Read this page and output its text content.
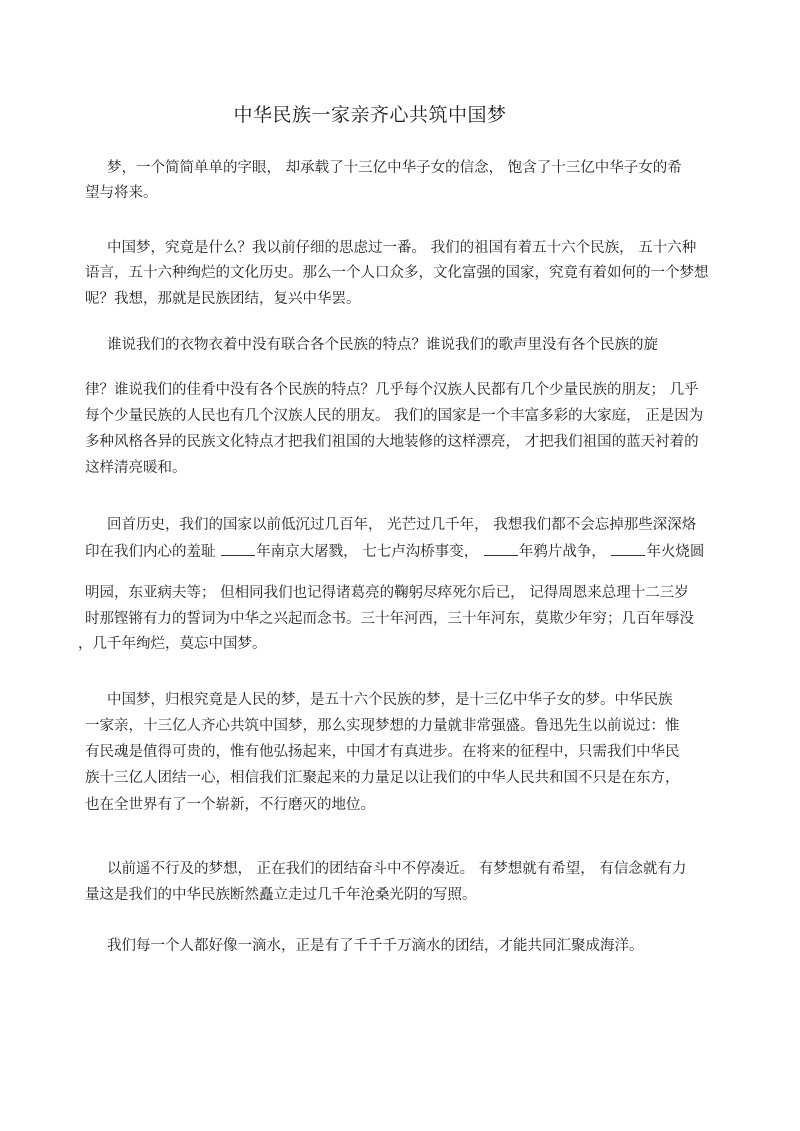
中华民族一家亲齐心共筑中国梦
梦，一个简简单单的字眼， 却承载了十三亿中华子女的信念， 饱含了十三亿中华子女的希
望与将来。
中国梦，究竟是什么？我以前仔细的思虑过一番。 我们的祖国有着五十六个民族， 五十六种
语言，五十六种绚烂的文化历史。那么一个人口众多，文化富强的国家，究竟有着如何的一个梦想
呢？我想，那就是民族团结，复兴中华罢。
谁说我们的衣物衣着中没有联合各个民族的特点？谁说我们的歌声里没有各个民族的旋
律？谁说我们的佳肴中没有各个民族的特点？几乎每个汉族人民都有几个少量民族的朋友； 几乎
每个少量民族的人民也有几个汉族人民的朋友。 我们的国家是一个丰富多彩的大家庭， 正是因为
多种风格各异的民族文化特点才把我们祖国的大地装修的这样漂亮， 才把我们祖国的蓝天衬着的
这样清亮暖和。
回首历史，我们的国家以前低沉过几百年， 光芒过几千年， 我想我们都不会忘掉那些深深烙
印在我们内心的羞耻 年南京大屠戮， 七七卢沟桥事变， 年鸦片战争， 年火烧圆
明园，东亚病夫等； 但相同我们也记得诸葛亮的鞠躬尽瘁死尔后已， 记得周恩来总理十二三岁
时那铿锵有力的誓词为中华之兴起而念书。三十年河西，三十年河东，莫欺少年穷；几百年辱没
，几千年绚烂，莫忘中国梦。
中国梦，归根究竟是人民的梦，是五十六个民族的梦，是十三亿中华子女的梦。中华民族
一家亲，十三亿人齐心共筑中国梦，那么实现梦想的力量就非常强盛。鲁迅先生以前说过：惟
有民魂是值得可贵的，惟有他弘扬起来，中国才有真进步。在将来的征程中，只需我们中华民
族十三亿人团结一心，相信我们汇聚起来的力量足以让我们的中华人民共和国不只是在东方，
也在全世界有了一个崭新，不行磨灭的地位。
以前遥不行及的梦想， 正在我们的团结奋斗中不停凑近。 有梦想就有希望， 有信念就有力
量这是我们的中华民族断然矗立走过几千年沧桑光阴的写照。
我们每一个人都好像一滴水，正是有了千千千万滴水的团结，才能共同汇聚成海洋。
